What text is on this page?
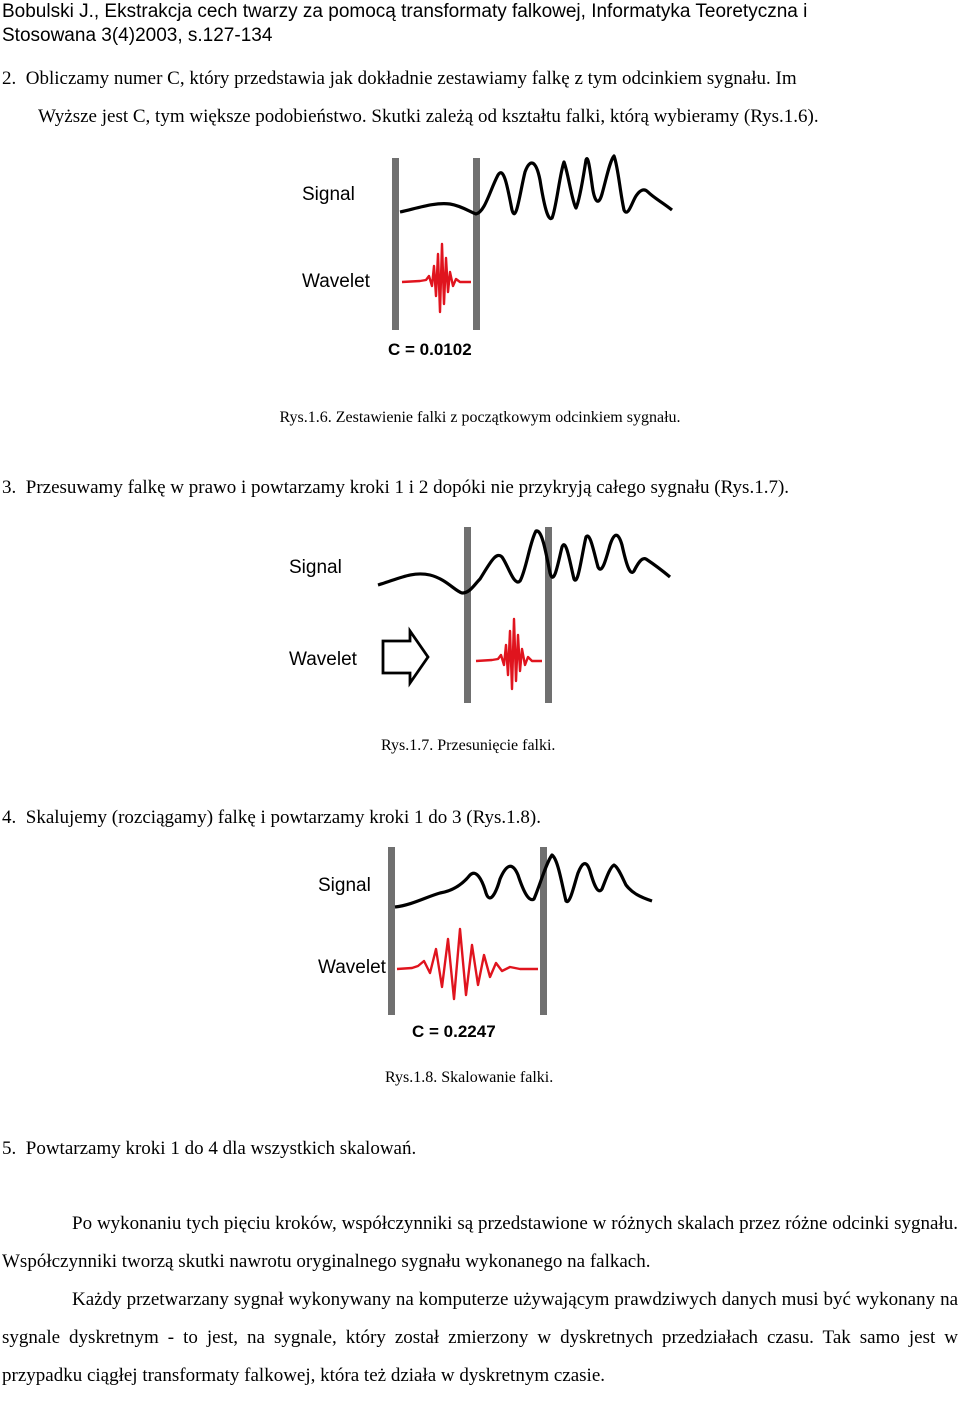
Bobulski J., Ekstrakcja cech twarzy za pomocą transformaty falkowej, Informatyka Teoretyczna i
Stosowana 3(4)2003, s.127-134
2.  Obliczamy numer C, który przedstawia jak dokładnie zestawiamy falkę z tym odcinkiem sygnału. Im
Wyższe jest C, tym większe podobieństwo. Skutki zależą od kształtu falki, którą wybieramy (Rys.1.6).
Signal
Wavelet
C = 0.0102
Rys.1.6. Zestawienie falki z początkowym odcinkiem sygnału.
3.  Przesuwamy falkę w prawo i powtarzamy kroki 1 i 2 dopóki nie przykryją całego sygnału (Rys.1.7).
Signal
Wavelet
Rys.1.7. Przesunięcie falki.
4.  Skalujemy (rozciągamy) falkę i powtarzamy kroki 1 do 3 (Rys.1.8).
Signal
Wavelet
C = 0.2247
Rys.1.8. Skalowanie falki.
5.  Powtarzamy kroki 1 do 4 dla wszystkich skalowań.
Po wykonaniu tych pięciu kroków, współczynniki są przedstawione w różnych skalach przez różne odcinki sygnału. Współczynniki tworzą skutki nawrotu oryginalnego sygnału wykonanego na falkach.
Każdy przetwarzany sygnał wykonywany na komputerze używającym prawdziwych danych musi być wykonany na sygnale dyskretnym - to jest, na sygnale, który został zmierzony w dyskretnych przedziałach czasu. Tak samo jest w przypadku ciągłej transformaty falkowej, która też działa w dyskretnym czasie.
